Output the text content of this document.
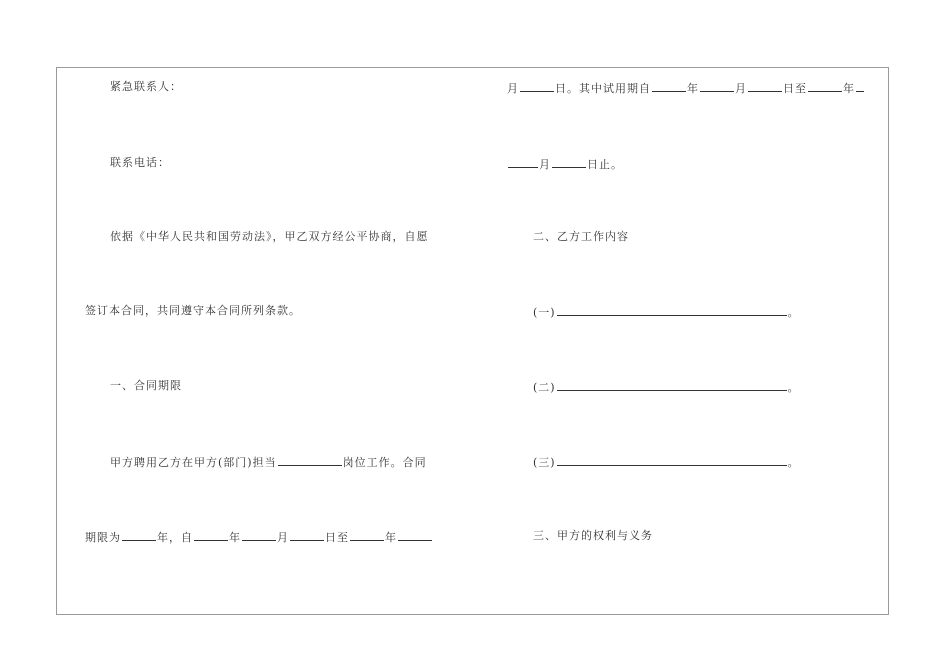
紧急联系人：
联系电话：
依据《中华人民共和国劳动法》，甲乙双方经公平协商，自愿
签订本合同，共同遵守本合同所列条款。
一、合同期限
甲方聘用乙方在甲方(部门)担当	岗位工作。合同
期限为	年，自	年	月	日至	年
月	日。其中试用期自	年	月	日至	年
月	日止。
二、乙方工作内容
(一)	。
(二)	。
(三)	。
三、甲方的权利与义务
